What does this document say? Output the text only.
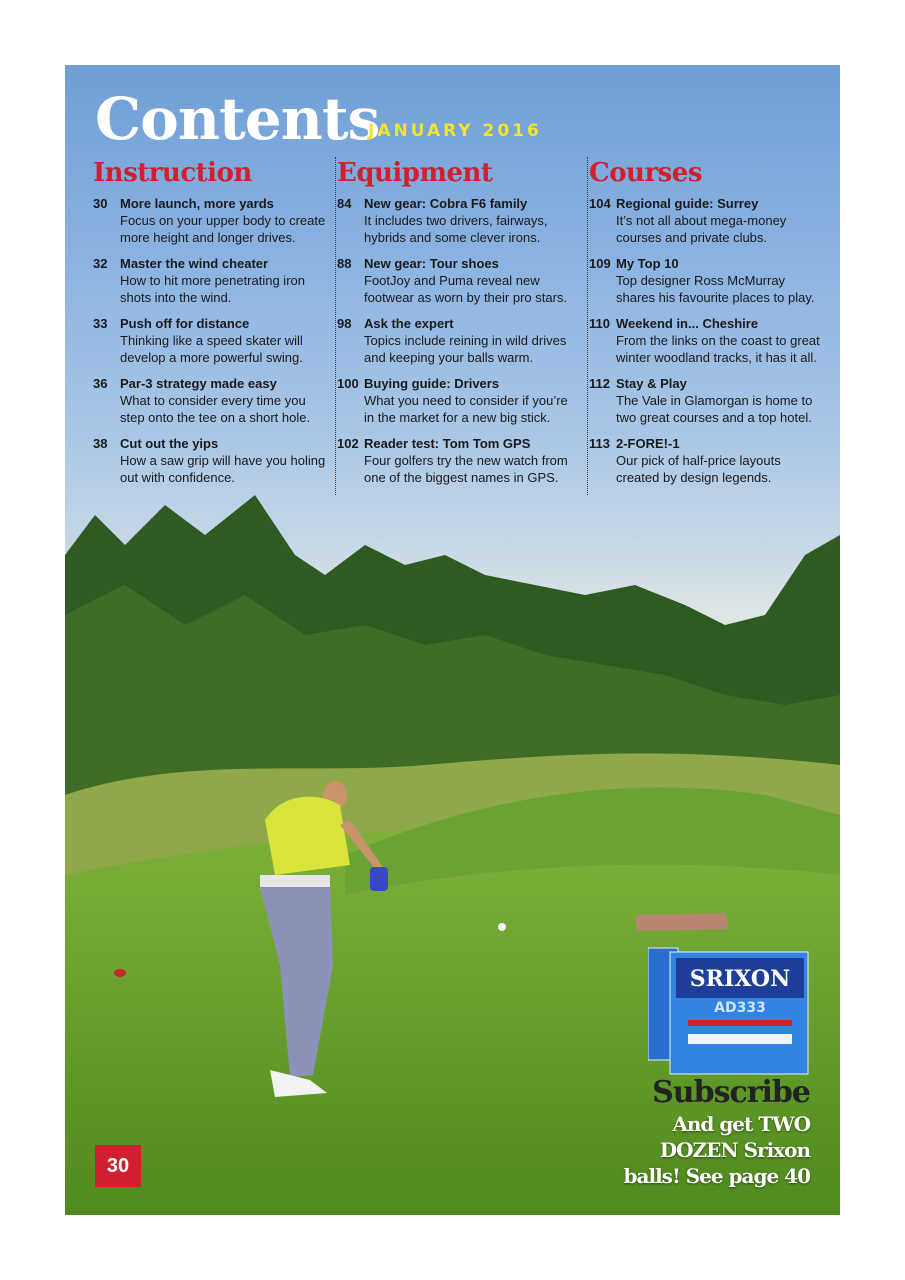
Contents
JANUARY 2016
Instruction
30 More launch, more yards
Focus on your upper body to create more height and longer drives.
32 Master the wind cheater
How to hit more penetrating iron shots into the wind.
33 Push off for distance
Thinking like a speed skater will develop a more powerful swing.
36 Par-3 strategy made easy
What to consider every time you step onto the tee on a short hole.
38 Cut out the yips
How a saw grip will have you holing out with confidence.
Equipment
84 New gear: Cobra F6 family
It includes two drivers, fairways, hybrids and some clever irons.
88 New gear: Tour shoes
FootJoy and Puma reveal new footwear as worn by their pro stars.
98 Ask the expert
Topics include reining in wild drives and keeping your balls warm.
100 Buying guide: Drivers
What you need to consider if you’re in the market for a new big stick.
102 Reader test: Tom Tom GPS
Four golfers try the new watch from one of the biggest names in GPS.
Courses
104 Regional guide: Surrey
It’s not all about mega-money courses and private clubs.
109 My Top 10
Top designer Ross McMurray shares his favourite places to play.
110 Weekend in... Cheshire
From the links on the coast to great winter woodland tracks, it has it all.
112 Stay & Play
The Vale in Glamorgan is home to two great courses and a top hotel.
113 2-FORE!-1
Our pick of half-price layouts created by design legends.
SRIXON
AD333
Subscribe
And get TWO
DOZEN Srixon
balls! See page 40
30
